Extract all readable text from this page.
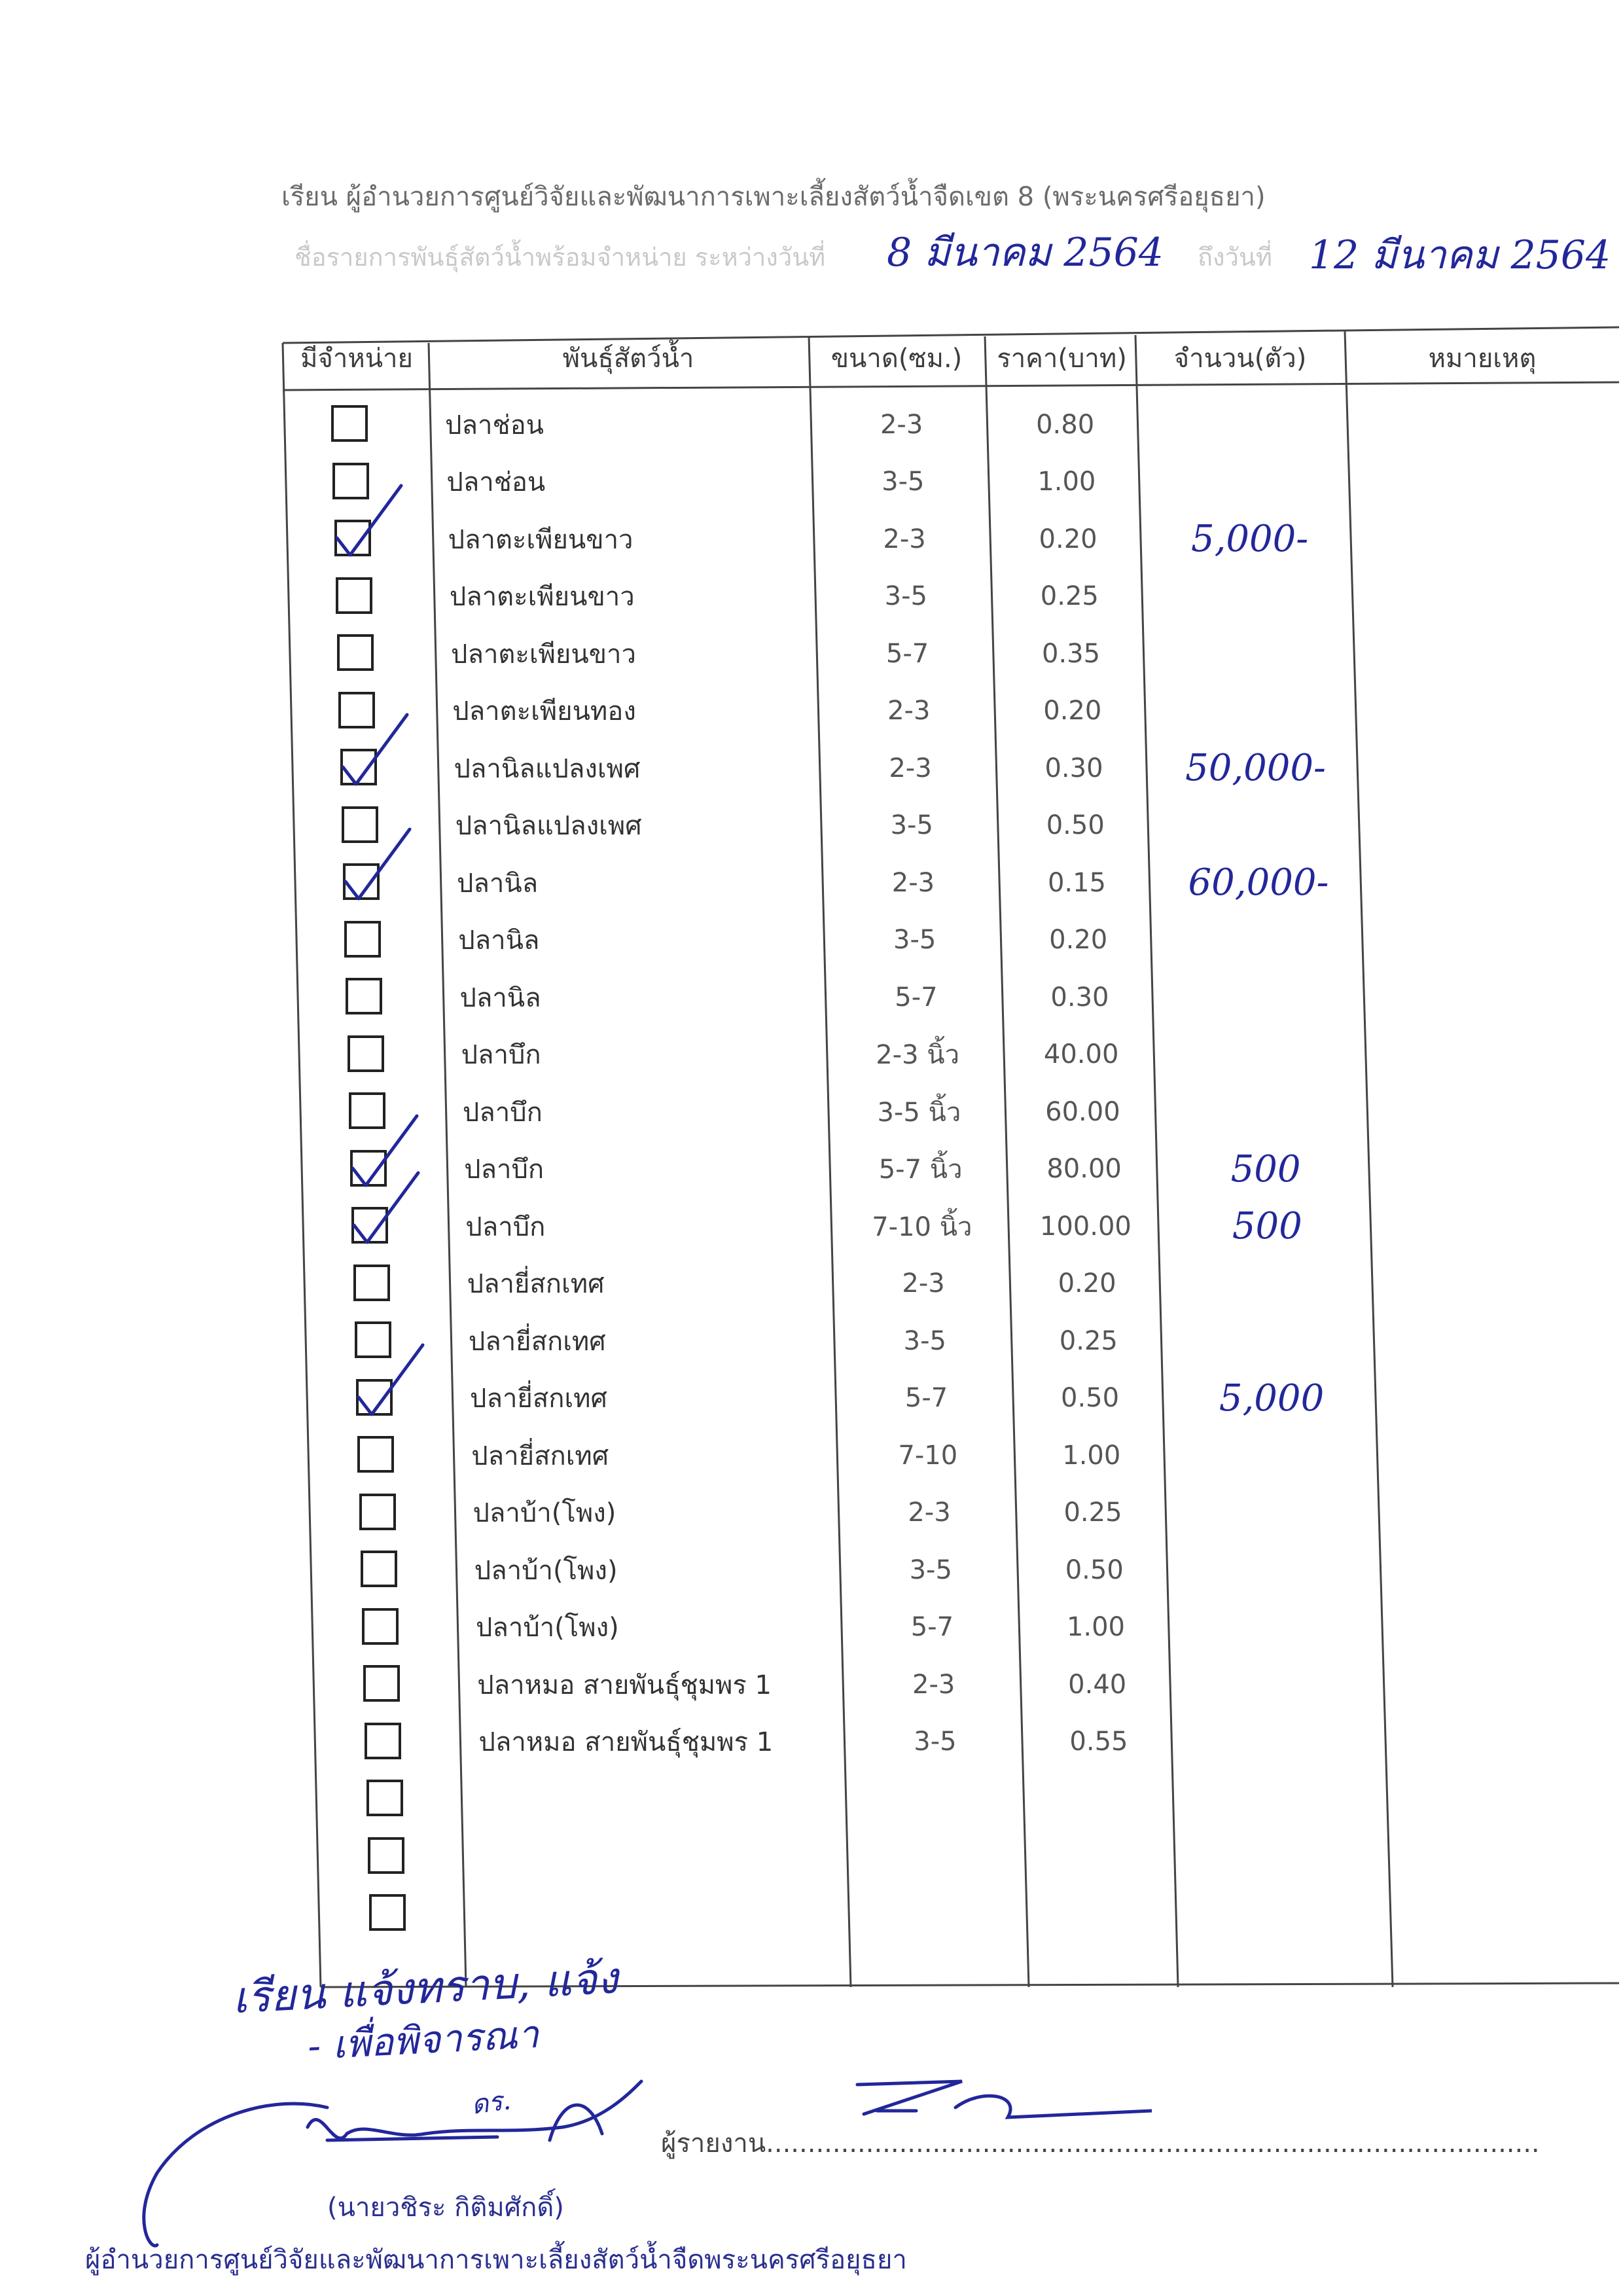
เรียน ผู้อำนวยการศูนย์วิจัยและพัฒนาการเพาะเลี้ยงสัตว์น้ำจืดเขต 8 (พระนครศรีอยุธยา)
ชื่อรายการพันธุ์สัตว์น้ำพร้อมจำหน่าย ระหว่างวันที่ 8 มีนาคม 2564 ถึงวันที่ 12 มีนาคม 2564
มีจำหน่าย	พันธุ์สัตว์น้ำ	ขนาด(ซม.)	ราคา(บาท)	จำนวน(ตัว)	หมายเหตุ
ปลาช่อน	2-3	0.80
ปลาช่อน	3-5	1.00
ปลาตะเพียนขาว	2-3	0.20	5,000-
ปลาตะเพียนขาว	3-5	0.25
ปลาตะเพียนขาว	5-7	0.35
ปลาตะเพียนทอง	2-3	0.20
ปลานิลแปลงเพศ	2-3	0.30	50,000-
ปลานิลแปลงเพศ	3-5	0.50
ปลานิล	2-3	0.15	60,000-
ปลานิล	3-5	0.20
ปลานิล	5-7	0.30
ปลาบึก	2-3 นิ้ว	40.00
ปลาบึก	3-5 นิ้ว	60.00
ปลาบึก	5-7 นิ้ว	80.00	500
ปลาบึก	7-10 นิ้ว	100.00	500
ปลายี่สกเทศ	2-3	0.20
ปลายี่สกเทศ	3-5	0.25
ปลายี่สกเทศ	5-7	0.50	5,000
ปลายี่สกเทศ	7-10	1.00
ปลาบ้า(โพง)	2-3	0.25
ปลาบ้า(โพง)	3-5	0.50
ปลาบ้า(โพง)	5-7	1.00
ปลาหมอ สายพันธุ์ชุมพร 1	2-3	0.40
ปลาหมอ สายพันธุ์ชุมพร 1	3-5	0.55
เรียน แจ้งทราบ, แจ้ง
- เพื่อพิจารณา
ดร.
ผู้รายงาน.............................................................................................
(นายวชิระ กิติมศักดิ์)
ผู้อำนวยการศูนย์วิจัยและพัฒนาการเพาะเลี้ยงสัตว์น้ำจืดพระนครศรีอยุธยา
